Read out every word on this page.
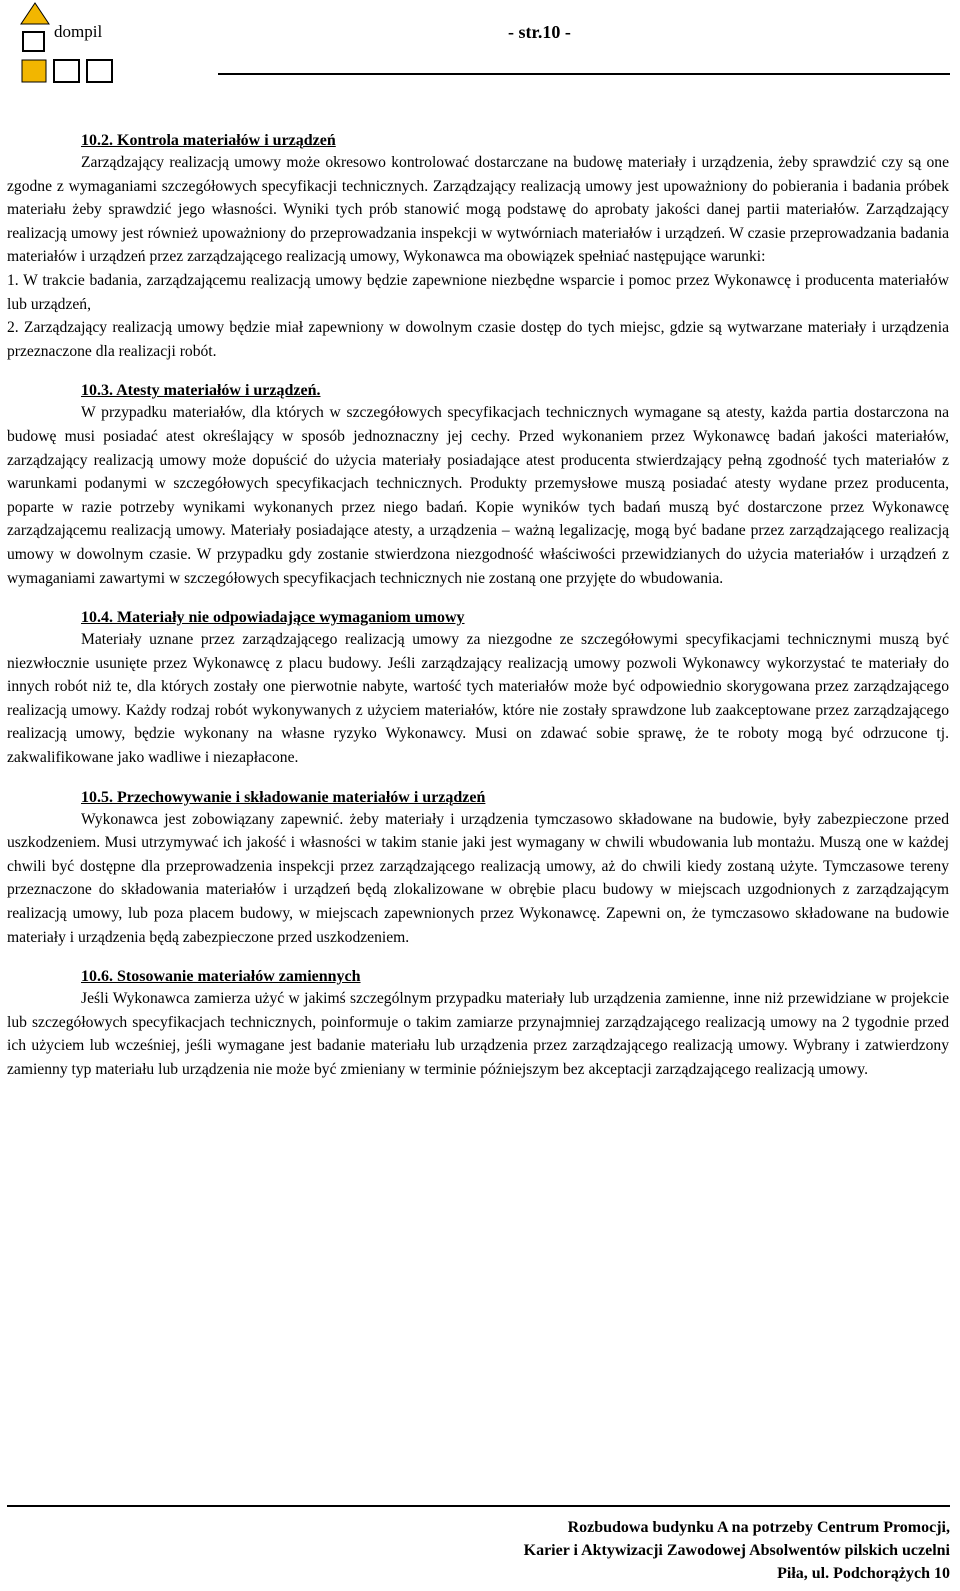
dompil	- str.10 -
10.2. Kontrola materiałów i urządzeń

Zarządzający realizacją umowy może okresowo kontrolować dostarczane na budowę materiały i urządzenia, żeby sprawdzić czy są one zgodne z wymaganiami szczegółowych specyfikacji technicznych. Zarządzający realizacją umowy jest upoważniony do pobierania i badania próbek materiału żeby sprawdzić jego własności. Wyniki tych prób stanowić mogą podstawę do aprobaty jakości danej partii materiałów. Zarządzający realizacją umowy jest również upoważniony do przeprowadzania inspekcji w wytwórniach materiałów i urządzeń. W czasie przeprowadzania badania materiałów i urządzeń przez zarządzającego realizacją umowy, Wykonawca ma obowiązek spełniać następujące warunki:

1. W trakcie badania, zarządzającemu realizacją umowy będzie zapewnione niezbędne wsparcie i pomoc przez Wykonawcę i producenta materiałów lub urządzeń,

2. Zarządzający realizacją umowy będzie miał zapewniony w dowolnym czasie dostęp do tych miejsc, gdzie są wytwarzane materiały i urządzenia przeznaczone dla realizacji robót.

10.3. Atesty materiałów i urządzeń.

W przypadku materiałów, dla których w szczegółowych specyfikacjach technicznych wymagane są atesty, każda partia dostarczona na budowę musi posiadać atest określający w sposób jednoznaczny jej cechy. Przed wykonaniem przez Wykonawcę badań jakości materiałów, zarządzający realizacją umowy może dopuścić do użycia materiały posiadające atest producenta stwierdzający pełną zgodność tych materiałów z warunkami podanymi w szczegółowych specyfikacjach technicznych. Produkty przemysłowe muszą posiadać atesty wydane przez producenta, poparte w razie potrzeby wynikami wykonanych przez niego badań. Kopie wyników tych badań muszą być dostarczone przez Wykonawcę zarządzającemu realizacją umowy. Materiały posiadające atesty, a urządzenia – ważną legalizację, mogą być badane przez zarządzającego realizacją umowy w dowolnym czasie. W przypadku gdy zostanie stwierdzona niezgodność właściwości przewidzianych do użycia materiałów i urządzeń z wymaganiami zawartymi w szczegółowych specyfikacjach technicznych nie zostaną one przyjęte do wbudowania.

10.4. Materiały nie odpowiadające wymaganiom umowy

Materiały uznane przez zarządzającego realizacją umowy za niezgodne ze szczegółowymi specyfikacjami technicznymi muszą być niezwłocznie usunięte przez Wykonawcę z placu budowy. Jeśli zarządzający realizacją umowy pozwoli Wykonawcy wykorzystać te materiały do innych robót niż te, dla których zostały one pierwotnie nabyte, wartość tych materiałów może być odpowiednio skorygowana przez zarządzającego realizacją umowy. Każdy rodzaj robót wykonywanych z użyciem materiałów, które nie zostały sprawdzone lub zaakceptowane przez zarządzającego realizacją umowy, będzie wykonany na własne ryzyko Wykonawcy. Musi on zdawać sobie sprawę, że te roboty mogą być odrzucone tj. zakwalifikowane jako wadliwe i niezapłacone.

10.5. Przechowywanie i składowanie materiałów i urządzeń

Wykonawca jest zobowiązany zapewnić. żeby materiały i urządzenia tymczasowo składowane na budowie, były zabezpieczone przed uszkodzeniem. Musi utrzymywać ich jakość i własności w takim stanie jaki jest wymagany w chwili wbudowania lub montażu. Muszą one w każdej chwili być dostępne dla przeprowadzenia inspekcji przez zarządzającego realizacją umowy, aż do chwili kiedy zostaną użyte. Tymczasowe tereny przeznaczone do składowania materiałów i urządzeń będą zlokalizowane w obrębie placu budowy w miejscach uzgodnionych z zarządzającym realizacją umowy, lub poza placem budowy, w miejscach zapewnionych przez Wykonawcę. Zapewni on, że tymczasowo składowane na budowie materiały i urządzenia będą zabezpieczone przed uszkodzeniem.

10.6. Stosowanie materiałów zamiennych

Jeśli Wykonawca zamierza użyć w jakimś szczególnym przypadku materiały lub urządzenia zamienne, inne niż przewidziane w projekcie lub szczegółowych specyfikacjach technicznych, poinformuje o takim zamiarze przynajmniej zarządzającego realizacją umowy na 2 tygodnie przed ich użyciem lub wcześniej, jeśli wymagane jest badanie materiału lub urządzenia przez zarządzającego realizacją umowy. Wybrany i zatwierdzony zamienny typ materiału lub urządzenia nie może być zmieniany w terminie późniejszym bez akceptacji zarządzającego realizacją umowy.

Rozbudowa budynku A na potrzeby Centrum Promocji,
Karier i Aktywizacji Zawodowej Absolwentów pilskich uczelni
Piła, ul. Podchorążych 10
